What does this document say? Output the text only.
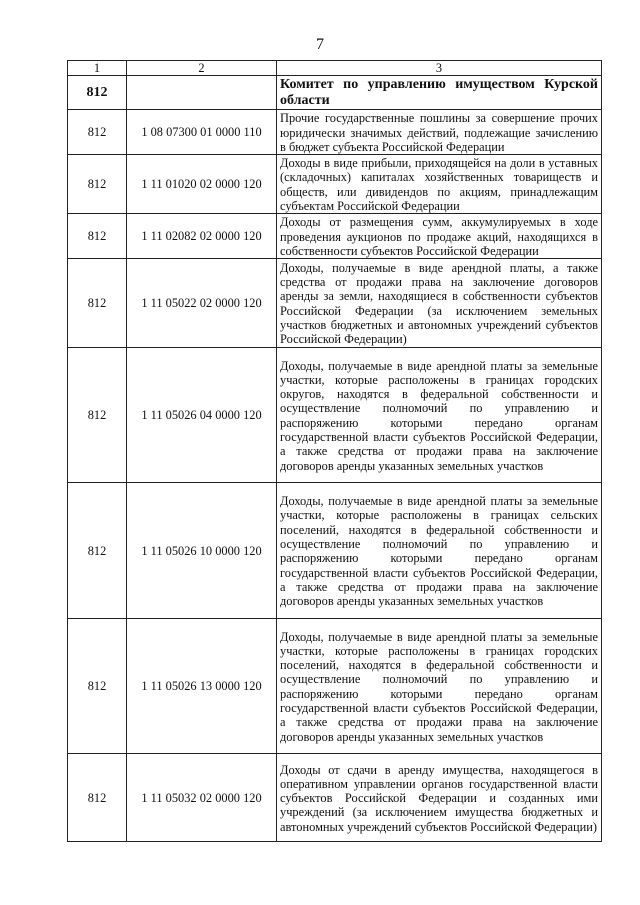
7
1	2	3
812		Комитет по управлению имуществом Курской области
812	1 08 07300 01 0000 110	Прочие государственные пошлины за совершение прочих юридически значимых действий, подлежащие зачислению в бюджет субъекта Российской Федерации
812	1 11 01020 02 0000 120	Доходы в виде прибыли, приходящейся на доли в уставных (складочных) капиталах хозяйственных товариществ и обществ, или дивидендов по акциям, принадлежащим субъектам Российской Федерации
812	1 11 02082 02 0000 120	Доходы от размещения сумм, аккумулируемых в ходе проведения аукционов по продаже акций, находящихся в собственности субъектов Российской Федерации
812	1 11 05022 02 0000 120	Доходы, получаемые в виде арендной платы, а также средства от продажи права на заключение договоров аренды за земли, находящиеся в собственности субъектов Российской Федерации (за исключением земельных участков бюджетных и автономных учреждений субъектов Российской Федерации)
812	1 11 05026 04 0000 120	Доходы, получаемые в виде арендной платы за земельные участки, которые расположены в границах городских округов, находятся в федеральной собственности и осуществление полномочий по управлению и распоряжению которыми передано органам государственной власти субъектов Российской Федерации, а также средства от продажи права на заключение договоров аренды указанных земельных участков
812	1 11 05026 10 0000 120	Доходы, получаемые в виде арендной платы за земельные участки, которые расположены в границах сельских поселений, находятся в федеральной собственности и осуществление полномочий по управлению и распоряжению которыми передано органам государственной власти субъектов Российской Федерации, а также средства от продажи права на заключение договоров аренды указанных земельных участков
812	1 11 05026 13 0000 120	Доходы, получаемые в виде арендной платы за земельные участки, которые расположены в границах городских поселений, находятся в федеральной собственности и осуществление полномочий по управлению и распоряжению которыми передано органам государственной власти субъектов Российской Федерации, а также средства от продажи права на заключение договоров аренды указанных земельных участков
812	1 11 05032 02 0000 120	Доходы от сдачи в аренду имущества, находящегося в оперативном управлении органов государственной власти субъектов Российской Федерации и созданных ими учреждений (за исключением имущества бюджетных и автономных учреждений субъектов Российской Федерации)
